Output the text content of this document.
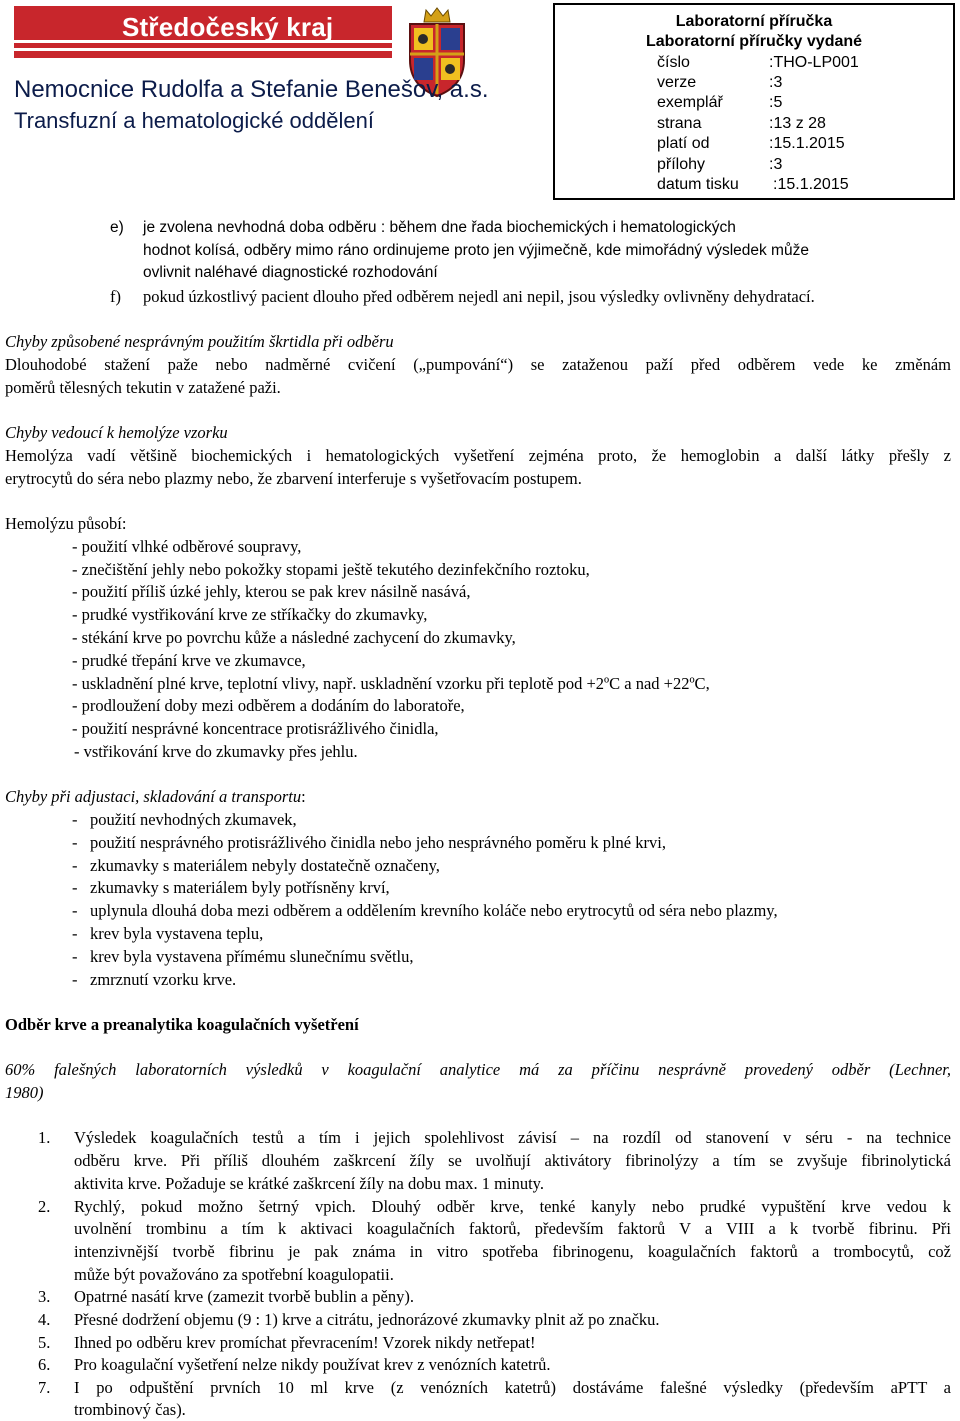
Středočeský kraj
Nemocnice Rudolfa a Stefanie Benešov, a.s.
Transfuzní a hematologické oddělení
Laboratorní příručka
Laboratorní příručky vydané
číslo	:THO-LP001
verze	:3
exemplář	:5
strana	:13 z 28
platí od	:15.1.2015
přílohy	:3
datum tisku :15.1.2015
e) je zvolena nevhodná doba odběru : během dne řada biochemických i hematologických
hodnot kolísá, odběry mimo ráno ordinujeme proto jen výjimečně, kde mimořádný výsledek může
ovlivnit naléhavé diagnostické rozhodování
f) pokud úzkostlivý pacient dlouho před odběrem nejedl ani nepil, jsou výsledky ovlivněny dehydratací.
Chyby způsobené nesprávným použitím škrtidla při odběru
Dlouhodobé stažení paže nebo nadměrné cvičení („pumpování“) se zataženou paží před odběrem vede ke změnám
poměrů tělesných tekutin v zatažené paži.
Chyby vedoucí k hemolýze vzorku
Hemolýza vadí většině biochemických i hematologických vyšetření zejména proto, že hemoglobin a další látky přešly z
erytrocytů do séra nebo plazmy nebo, že zbarvení interferuje s vyšetřovacím postupem.
Hemolýzu působí:
- použití vlhké odběrové soupravy,
- znečištění jehly nebo pokožky stopami ještě tekutého dezinfekčního roztoku,
- použití příliš úzké jehly, kterou se pak krev násilně nasává,
- prudké vystřikování krve ze stříkačky do zkumavky,
- stékání krve po povrchu kůže a následné zachycení do zkumavky,
- prudké třepání krve ve zkumavce,
- uskladnění plné krve, teplotní vlivy, např. uskladnění vzorku při teplotě pod +2ºC a nad +22ºC,
- prodloužení doby mezi odběrem a dodáním do laboratoře,
- použití nesprávné koncentrace protisrážlivého činidla,
- vstřikování krve do zkumavky přes jehlu.
Chyby při adjustaci, skladování a transportu:
- použití nevhodných zkumavek,
- použití nesprávného protisrážlivého činidla nebo jeho nesprávného poměru k plné krvi,
- zkumavky s materiálem nebyly dostatečně označeny,
- zkumavky s materiálem byly potřísněny krví,
- uplynula dlouhá doba mezi odběrem a oddělením krevního koláče nebo erytrocytů od séra nebo plazmy,
- krev byla vystavena teplu,
- krev byla vystavena přímému slunečnímu světlu,
- zmrznutí vzorku krve.
Odběr krve a preanalytika koagulačních vyšetření
60% falešných laboratorních výsledků v koagulační analytice má za příčinu nesprávně provedený odběr (Lechner,
1980)
1. Výsledek koagulačních testů a tím i jejich spolehlivost závisí – na rozdíl od stanovení v séru - na technice
odběru krve. Při příliš dlouhém zaškrcení žíly se uvolňují aktivátory fibrinolýzy a tím se zvyšuje fibrinolytická
aktivita krve. Požaduje se krátké zaškrcení žíly na dobu max. 1 minuty.
2. Rychlý, pokud možno šetrný vpich. Dlouhý odběr krve, tenké kanyly nebo prudké vypuštění krve vedou k
uvolnění trombinu a tím k aktivaci koagulačních faktorů, především faktorů V a VIII a k tvorbě fibrinu. Při
intenzivnější tvorbě fibrinu je pak známa in vitro spotřeba fibrinogenu, koagulačních faktorů a trombocytů, což
může být považováno za spotřební koagulopatii.
3. Opatrné nasátí krve (zamezit tvorbě bublin a pěny).
4. Přesné dodržení objemu (9 : 1) krve a citrátu, jednorázové zkumavky plnit až po značku.
5. Ihned po odběru krev promíchat převracením! Vzorek nikdy netřepat!
6. Pro koagulační vyšetření nelze nikdy používat krev z venózních katetrů.
7. I po odpuštění prvních 10 ml krve (z venózních katetrů) dostáváme falešné výsledky (především aPTT a
trombinový čas).
